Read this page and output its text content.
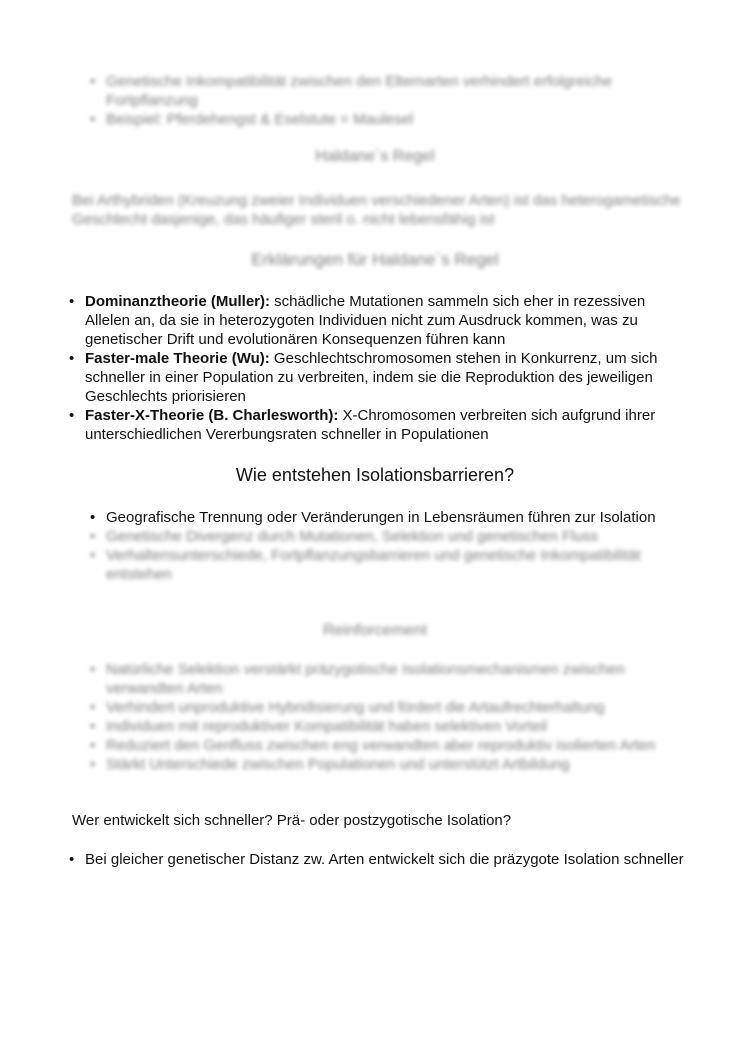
• Genetische Inkompatibilität zwischen den Elternarten verhindert erfolgreiche Fortpflanzung
• Beispiel: Pferdehengst & Eselstute = Maulesel
Haldane`s Regel
Bei Arthybriden (Kreuzung zweier Individuen verschiedener Arten) ist das heterogametische Geschlecht dasjenige, das häufiger steril o. nicht lebensfähig ist
Erklärungen für Haldane`s Regel
• Dominanztheorie (Muller): schädliche Mutationen sammeln sich eher in rezessiven Allelen an, da sie in heterozygoten Individuen nicht zum Ausdruck kommen, was zu genetischer Drift und evolutionären Konsequenzen führen kann
• Faster-male Theorie (Wu): Geschlechtschromosomen stehen in Konkurrenz, um sich schneller in einer Population zu verbreiten, indem sie die Reproduktion des jeweiligen Geschlechts priorisieren
• Faster-X-Theorie (B. Charlesworth): X-Chromosomen verbreiten sich aufgrund ihrer unterschiedlichen Vererbungsraten schneller in Populationen
Wie entstehen Isolationsbarrieren?
• Geografische Trennung oder Veränderungen in Lebensräumen führen zur Isolation
• Genetische Divergenz durch Mutationen, Selektion und genetischen Fluss
• Verhaltensunterschiede, Fortpflanzungsbarrieren und genetische Inkompatibilität entstehen
Reinforcement
• Natürliche Selektion verstärkt präzygotische Isolationsmechanismen zwischen verwandten Arten
• Verhindert unproduktive Hybridisierung und fördert die Artaufrechterhaltung
• Individuen mit reproduktiver Kompatibilität haben selektiven Vorteil
• Reduziert den Genfluss zwischen eng verwandten aber reproduktiv isolierten Arten
• Stärkt Unterschiede zwischen Populationen und unterstützt Artbildung
Wer entwickelt sich schneller? Prä- oder postzygotische Isolation?
• Bei gleicher genetischer Distanz zw. Arten entwickelt sich die präzygote Isolation schneller
